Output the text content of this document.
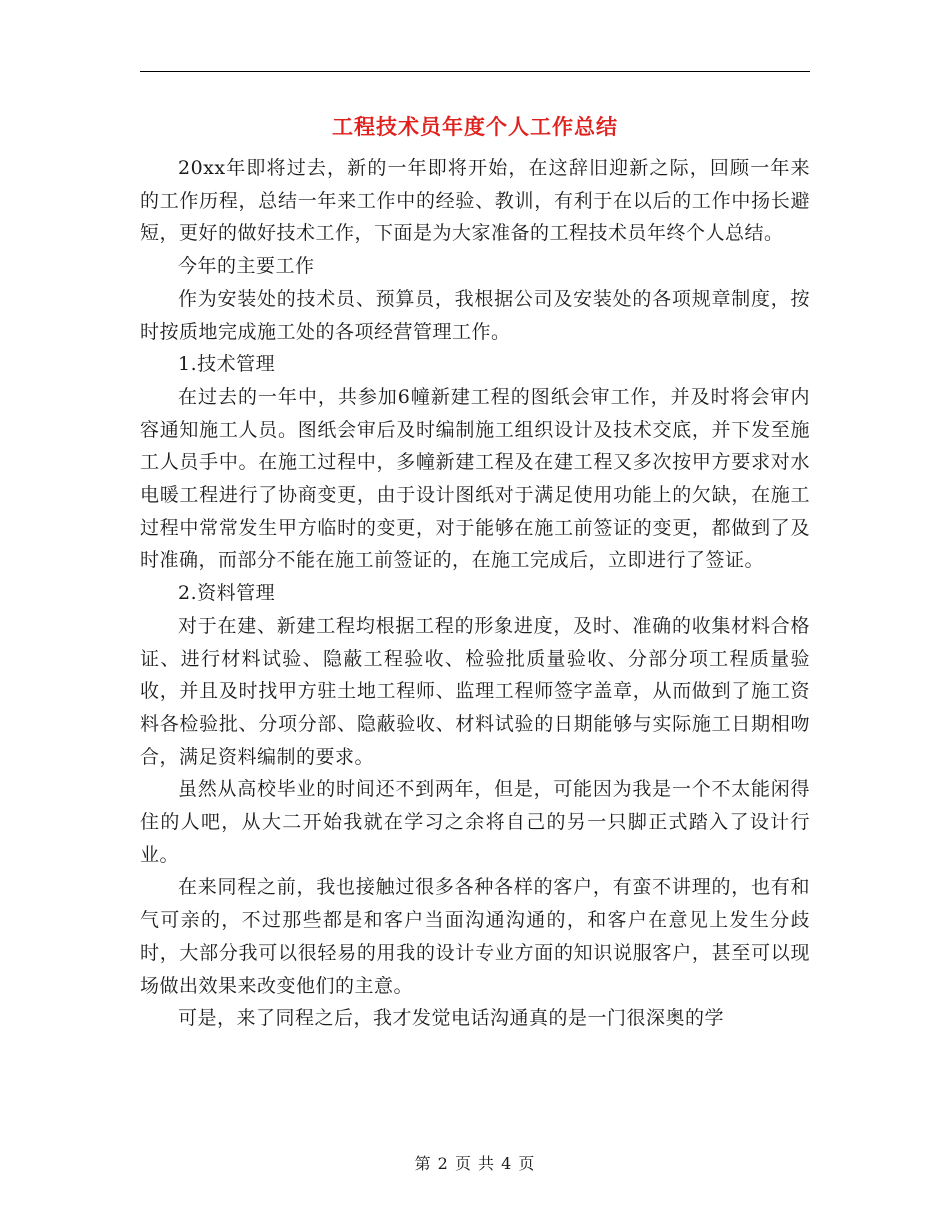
工程技术员年度个人工作总结

20xx年即将过去，新的一年即将开始，在这辞旧迎新之际，回顾一年来的工作历程，总结一年来工作中的经验、教训，有利于在以后的工作中扬长避短，更好的做好技术工作，下面是为大家准备的工程技术员年终个人总结。

今年的主要工作

作为安装处的技术员、预算员，我根据公司及安装处的各项规章制度，按时按质地完成施工处的各项经营管理工作。

1.技术管理

在过去的一年中，共参加6幢新建工程的图纸会审工作，并及时将会审内容通知施工人员。图纸会审后及时编制施工组织设计及技术交底，并下发至施工人员手中。在施工过程中，多幢新建工程及在建工程又多次按甲方要求对水电暖工程进行了协商变更，由于设计图纸对于满足使用功能上的欠缺，在施工过程中常常发生甲方临时的变更，对于能够在施工前签证的变更，都做到了及时准确，而部分不能在施工前签证的，在施工完成后，立即进行了签证。

2.资料管理

对于在建、新建工程均根据工程的形象进度，及时、准确的收集材料合格证、进行材料试验、隐蔽工程验收、检验批质量验收、分部分项工程质量验收，并且及时找甲方驻土地工程师、监理工程师签字盖章，从而做到了施工资料各检验批、分项分部、隐蔽验收、材料试验的日期能够与实际施工日期相吻合，满足资料编制的要求。

虽然从高校毕业的时间还不到两年，但是，可能因为我是一个不太能闲得住的人吧，从大二开始我就在学习之余将自己的另一只脚正式踏入了设计行业。

在来同程之前，我也接触过很多各种各样的客户，有蛮不讲理的，也有和气可亲的，不过那些都是和客户当面沟通沟通的，和客户在意见上发生分歧时，大部分我可以很轻易的用我的设计专业方面的知识说服客户，甚至可以现场做出效果来改变他们的主意。

可是，来了同程之后，我才发觉电话沟通真的是一门很深奥的学

第 2 页 共 4 页
